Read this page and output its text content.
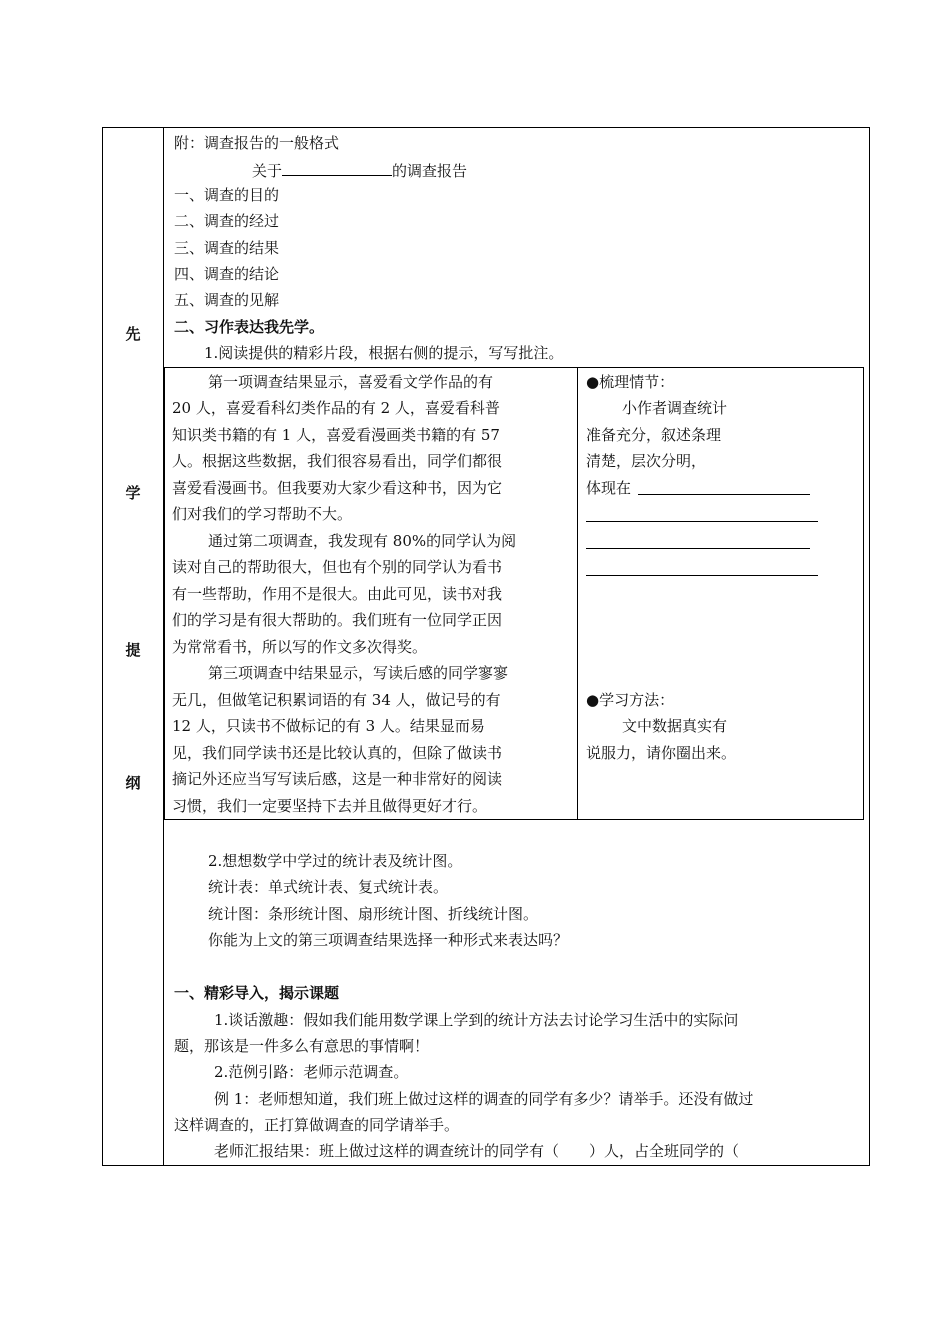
先
学
提
纲
附：调查报告的一般格式
关于	的调查报告
一、调查的目的
二、调查的经过
三、调查的结果
四、调查的结论
五、调查的见解
二、习作表达我先学。
1.阅读提供的精彩片段，根据右侧的提示，写写批注。
第一项调查结果显示，喜爱看文学作品的有
20 人，喜爱看科幻类作品的有 2 人，喜爱看科普
知识类书籍的有 1 人，喜爱看漫画类书籍的有 57
人。根据这些数据，我们很容易看出，同学们都很
喜爱看漫画书。但我要劝大家少看这种书，因为它
们对我们的学习帮助不大。
通过第二项调查，我发现有 80%的同学认为阅
读对自己的帮助很大，但也有个别的同学认为看书
有一些帮助，作用不是很大。由此可见，读书对我
们的学习是有很大帮助的。我们班有一位同学正因
为常常看书，所以写的作文多次得奖。
第三项调查中结果显示，写读后感的同学寥寥
无几，但做笔记积累词语的有 34 人，做记号的有
12 人，只读书不做标记的有 3 人。结果显而易
见，我们同学读书还是比较认真的，但除了做读书
摘记外还应当写写读后感，这是一种非常好的阅读
习惯，我们一定要坚持下去并且做得更好才行。
●梳理情节：
小作者调查统计
准备充分，叙述条理
清楚，层次分明，
体现在
●学习方法：
文中数据真实有
说服力，请你圈出来。
2.想想数学中学过的统计表及统计图。
统计表：单式统计表、复式统计表。
统计图：条形统计图、扇形统计图、折线统计图。
你能为上文的第三项调查结果选择一种形式来表达吗？
一、精彩导入，揭示课题
1.谈话激趣：假如我们能用数学课上学到的统计方法去讨论学习生活中的实际问
题，那该是一件多么有意思的事情啊！
2.范例引路：老师示范调查。
例 1：老师想知道，我们班上做过这样的调查的同学有多少？请举手。还没有做过
这样调查的，正打算做调查的同学请举手。
老师汇报结果：班上做过这样的调查统计的同学有（　　）人，占全班同学的（
